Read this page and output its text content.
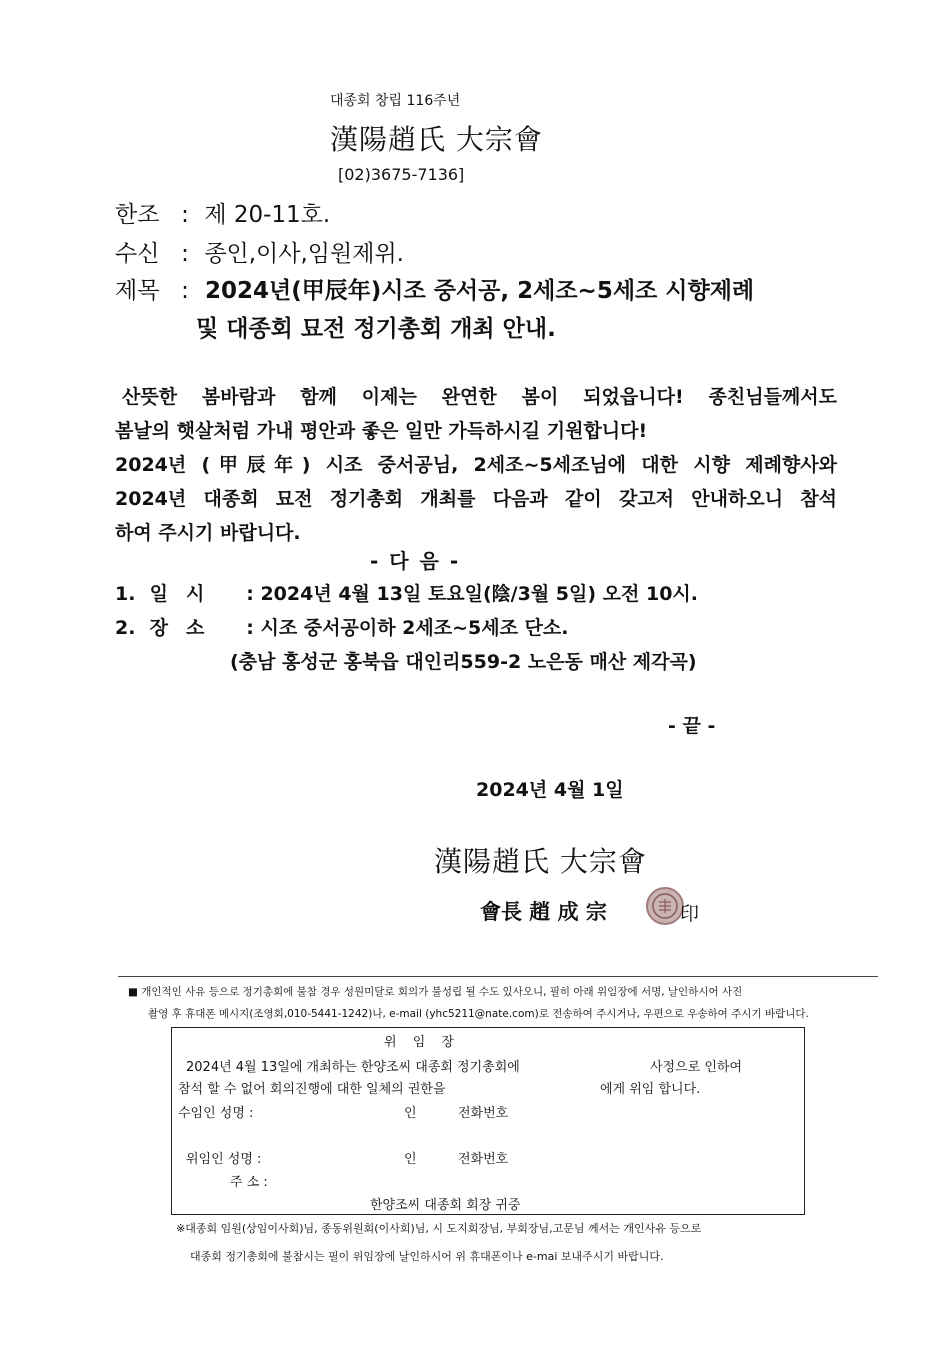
대종회 창립 116주년
漢陽趙氏 大宗會
[02)3675-7136]
한조 : 제 20-11호.
수신 : 종인,이사,임원제위.
제목 : 2024년(甲辰年)시조 중서공, 2세조~5세조 시향제례
및 대종회 묘전 정기총회 개최 안내.
산뜻한 봄바람과 함께 이제는 완연한 봄이 되었읍니다! 종친님들께서도
봄날의 햇살처럼 가내 평안과 좋은 일만 가득하시길 기원합니다!
2024년 (甲辰年) 시조 중서공님, 2세조~5세조님에 대한 시향 제례향사와
2024년 대종회 묘전 정기총회 개최를 다음과 같이 갖고저 안내하오니 참석
하여 주시기 바랍니다.
- 다 음 -
1. 일시 : 2024년 4월 13일 토요일(陰/3월 5일) 오전 10시.
2. 장소 : 시조 중서공이하 2세조~5세조 단소.
(충남 홍성군 홍북읍 대인리559-2 노은동 매산 제각곡)
- 끝 -
2024년 4월 1일
漢陽趙氏 大宗會
會長 趙 成 宗	印
■ 개인적인 사유 등으로 정기총회에 불참 경우 성원미달로 회의가 불성립 될 수도 있사오니, 필히 아래 위임장에 서명, 날인하시어 사진
촬영 후 휴대폰 메시지(조영회,010-5441-1242)나, e-mail (yhc5211@nate.com)로 전송하여 주시거나, 우편으로 우송하여 주시기 바랍니다.
위 임 장
2024년 4월 13일에 개최하는 한양조씨 대종회 정기총회에	사정으로 인하여
참석 할 수 없어 회의진행에 대한 일체의 권한을	에게 위임 합니다.
수임인 성명 :	인	전화번호
위임인 성명 :	인	전화번호
주 소 :
한양조씨 대종회 회장 귀중
※대종회 임원(상임이사회)님, 종동위원회(이사회)님, 시 도지회장님, 부회장님,고문님 께서는 개인사유 등으로
대종회 정기총회에 불참시는 필이 위임장에 날인하시어 위 휴대폰이나 e-mai 보내주시기 바랍니다.
